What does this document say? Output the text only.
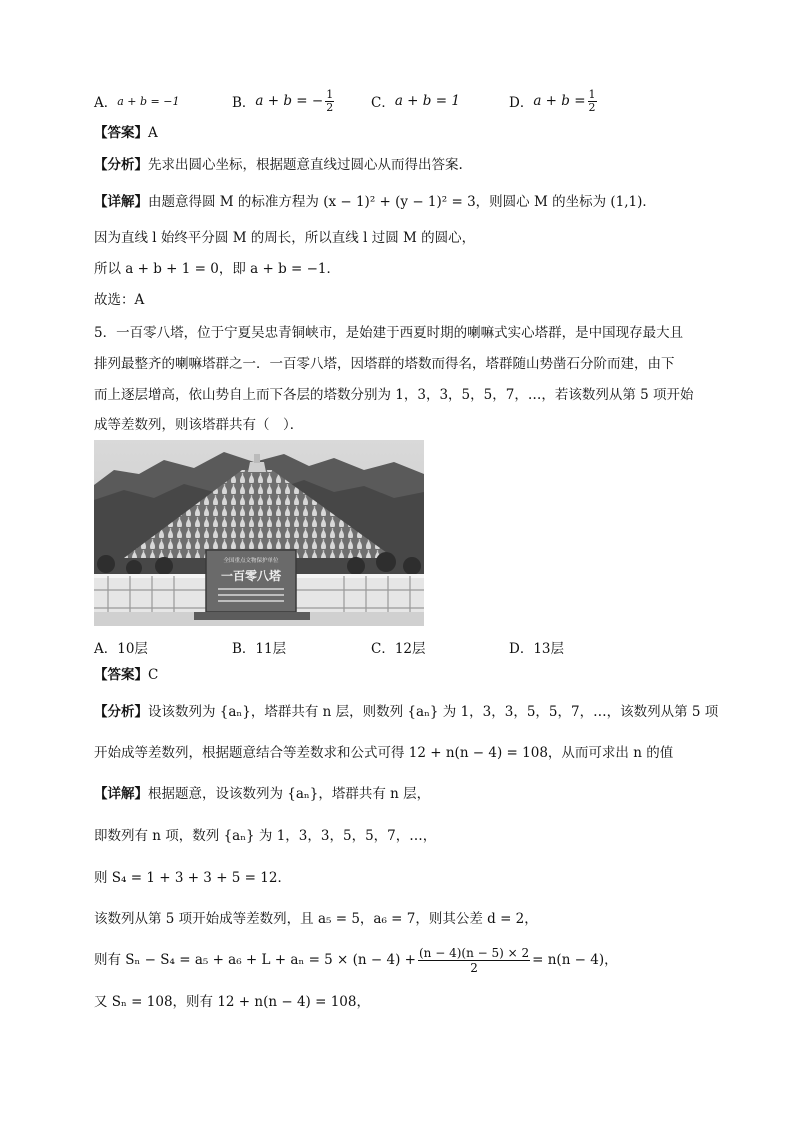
A． a + b = −1	B． a + b = − $\frac{1}{2}$	C． a + b = 1	D． $a + b = \frac{1}{2}$
【答案】A
【分析】先求出圆心坐标，根据题意直线过圆心从而得出答案.
【详解】由题意得圆 M 的标准方程为 (x − 1)² + (y − 1)² = 3，则圆心 M 的坐标为 (1,1)．
因为直线 l 始终平分圆 M 的周长，所以直线 l 过圆 M 的圆心，
所以 a + b + 1 = 0，即 a + b = −1．
故选：A
5．一百零八塔，位于宁夏吴忠青铜峡市，是始建于西夏时期的喇嘛式实心塔群，是中国现存最大且
排列最整齐的喇嘛塔群之一．一百零八塔，因塔群的塔数而得名，塔群随山势凿石分阶而建，由下
而上逐层增高，依山势自上而下各层的塔数分别为 1，3，3，5，5，7，…，若该数列从第 5 项开始
成等差数列，则该塔群共有（　）．
全国重点文物保护单位
一百零八塔
A．10层	B．11层	C．12层	D．13层
【答案】C
【分析】设该数列为 {aₙ}，塔群共有 n 层，则数列 {aₙ} 为 1，3，3，5，5，7，…，该数列从第 5 项
开始成等差数列，根据题意结合等差数求和公式可得 12 + n(n − 4) = 108，从而可求出 n 的值
【详解】根据题意，设该数列为 {aₙ}，塔群共有 n 层，
即数列有 n 项，数列 {aₙ} 为 1，3，3，5，5，7，…，
则 S₄ = 1 + 3 + 3 + 5 = 12．
该数列从第 5 项开始成等差数列，且 a₅ = 5，a₆ = 7，则其公差 d = 2，
则有 $S_n - S_4 = a_5 + a_6 + L + a_n = 5 \times (n - 4) + \frac{(n - 4)(n - 5) \times 2}{2} = n(n - 4)$，
又 Sₙ = 108，则有 12 + n(n − 4) = 108，
